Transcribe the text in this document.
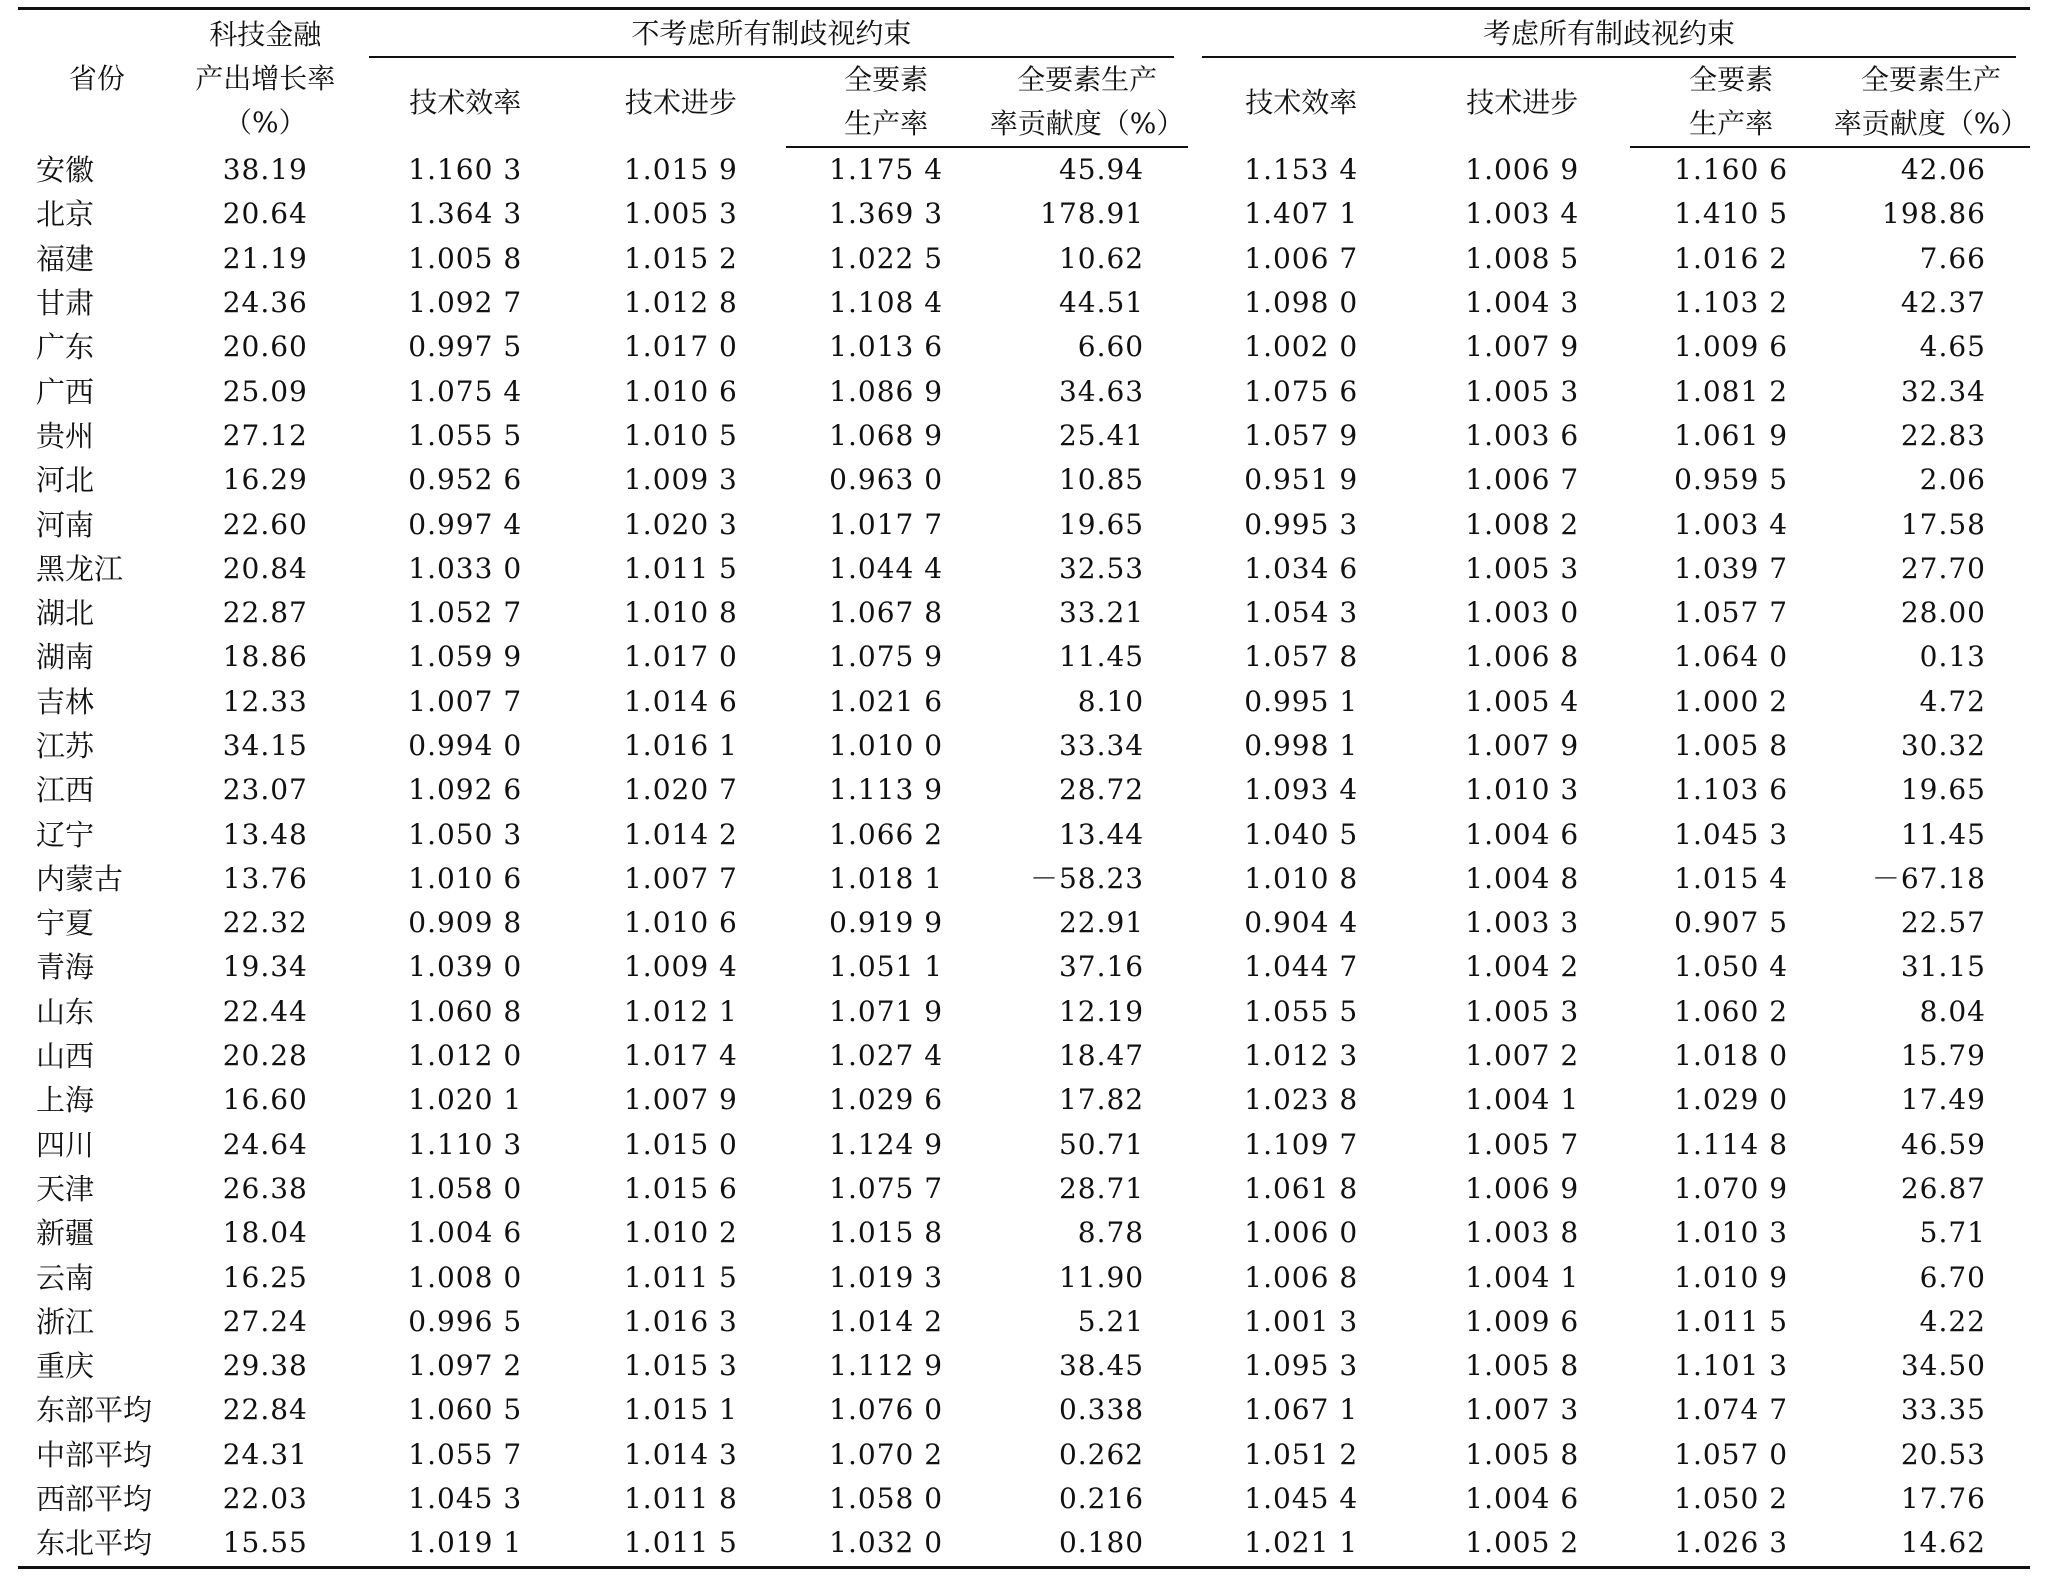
省份	科技金融
产出增长率
（%）	不考虑所有制歧视约束				考虑所有制歧视约束			

		技术效率	技术进步	全要素	全要素生产	技术效率	技术进步	全要素	全要素生产
				生产率	率贡献度（%）			生产率	率贡献度（%）
安徽	38.19	1.160 3	1.015 9	1.175 4	45.94	1.153 4	1.006 9	1.160 6	42.06
北京	20.64	1.364 3	1.005 3	1.369 3	178.91	1.407 1	1.003 4	1.410 5	198.86
福建	21.19	1.005 8	1.015 2	1.022 5	10.62	1.006 7	1.008 5	1.016 2	7.66
甘肃	24.36	1.092 7	1.012 8	1.108 4	44.51	1.098 0	1.004 3	1.103 2	42.37
广东	20.60	0.997 5	1.017 0	1.013 6	6.60	1.002 0	1.007 9	1.009 6	4.65
广西	25.09	1.075 4	1.010 6	1.086 9	34.63	1.075 6	1.005 3	1.081 2	32.34
贵州	27.12	1.055 5	1.010 5	1.068 9	25.41	1.057 9	1.003 6	1.061 9	22.83
河北	16.29	0.952 6	1.009 3	0.963 0	10.85	0.951 9	1.006 7	0.959 5	2.06
河南	22.60	0.997 4	1.020 3	1.017 7	19.65	0.995 3	1.008 2	1.003 4	17.58
黑龙江	20.84	1.033 0	1.011 5	1.044 4	32.53	1.034 6	1.005 3	1.039 7	27.70
湖北	22.87	1.052 7	1.010 8	1.067 8	33.21	1.054 3	1.003 0	1.057 7	28.00
湖南	18.86	1.059 9	1.017 0	1.075 9	11.45	1.057 8	1.006 8	1.064 0	0.13
吉林	12.33	1.007 7	1.014 6	1.021 6	8.10	0.995 1	1.005 4	1.000 2	4.72
江苏	34.15	0.994 0	1.016 1	1.010 0	33.34	0.998 1	1.007 9	1.005 8	30.32
江西	23.07	1.092 6	1.020 7	1.113 9	28.72	1.093 4	1.010 3	1.103 6	19.65
辽宁	13.48	1.050 3	1.014 2	1.066 2	13.44	1.040 5	1.004 6	1.045 3	11.45
内蒙古	13.76	1.010 6	1.007 7	1.018 1	－58.23	1.010 8	1.004 8	1.015 4	－67.18
宁夏	22.32	0.909 8	1.010 6	0.919 9	22.91	0.904 4	1.003 3	0.907 5	22.57
青海	19.34	1.039 0	1.009 4	1.051 1	37.16	1.044 7	1.004 2	1.050 4	31.15
山东	22.44	1.060 8	1.012 1	1.071 9	12.19	1.055 5	1.005 3	1.060 2	8.04
山西	20.28	1.012 0	1.017 4	1.027 4	18.47	1.012 3	1.007 2	1.018 0	15.79
上海	16.60	1.020 1	1.007 9	1.029 6	17.82	1.023 8	1.004 1	1.029 0	17.49
四川	24.64	1.110 3	1.015 0	1.124 9	50.71	1.109 7	1.005 7	1.114 8	46.59
天津	26.38	1.058 0	1.015 6	1.075 7	28.71	1.061 8	1.006 9	1.070 9	26.87
新疆	18.04	1.004 6	1.010 2	1.015 8	8.78	1.006 0	1.003 8	1.010 3	5.71
云南	16.25	1.008 0	1.011 5	1.019 3	11.90	1.006 8	1.004 1	1.010 9	6.70
浙江	27.24	0.996 5	1.016 3	1.014 2	5.21	1.001 3	1.009 6	1.011 5	4.22
重庆	29.38	1.097 2	1.015 3	1.112 9	38.45	1.095 3	1.005 8	1.101 3	34.50
东部平均	22.84	1.060 5	1.015 1	1.076 0	0.338	1.067 1	1.007 3	1.074 7	33.35
中部平均	24.31	1.055 7	1.014 3	1.070 2	0.262	1.051 2	1.005 8	1.057 0	20.53
西部平均	22.03	1.045 3	1.011 8	1.058 0	0.216	1.045 4	1.004 6	1.050 2	17.76
东北平均	15.55	1.019 1	1.011 5	1.032 0	0.180	1.021 1	1.005 2	1.026 3	14.62
